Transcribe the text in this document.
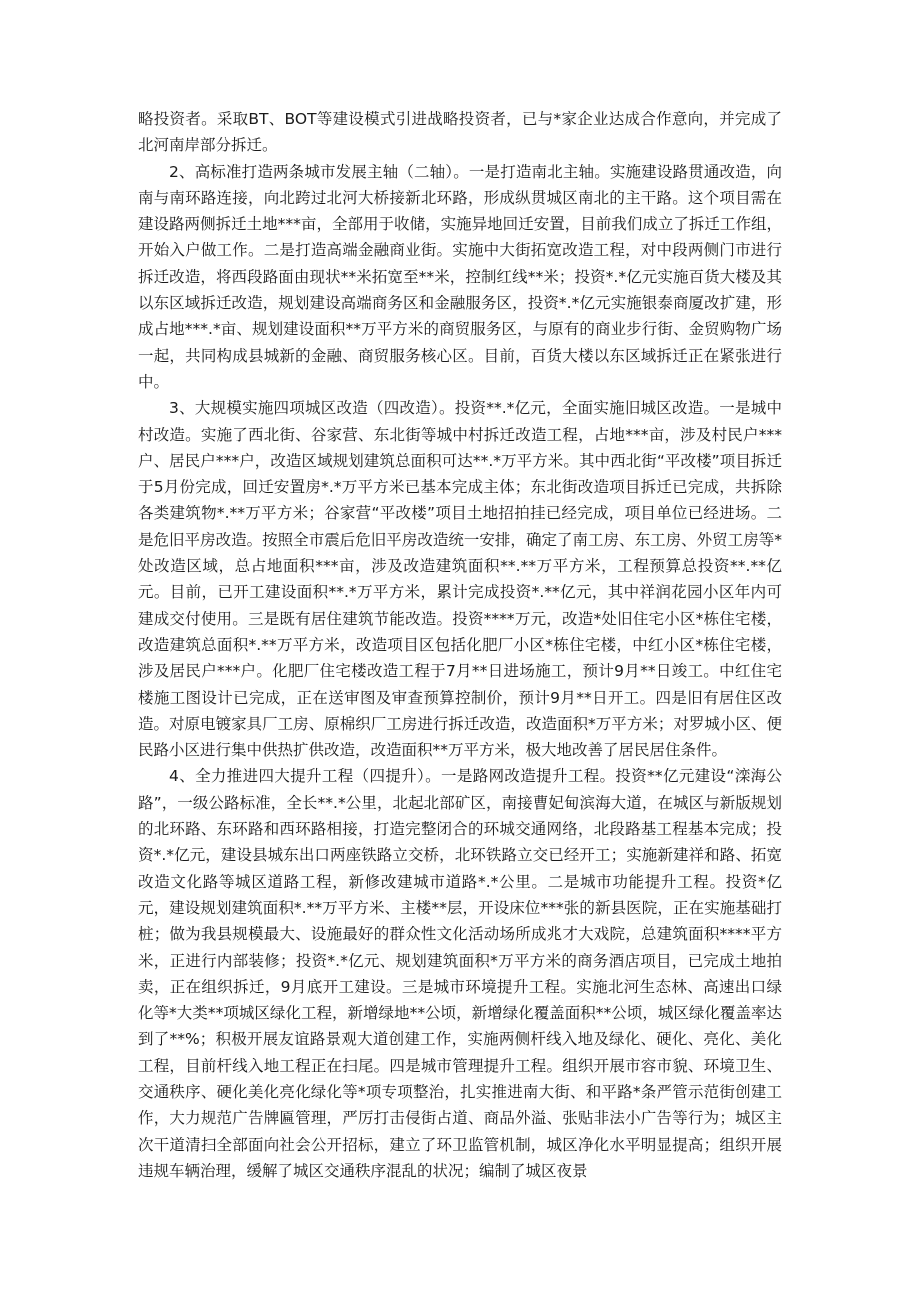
略投资者。采取BT、BOT等建设模式引进战略投资者，已与*家企业达成合作意向，并完成了北河南岸部分拆迁。

2、高标准打造两条城市发展主轴（二轴）。一是打造南北主轴。实施建设路贯通改造，向南与南环路连接，向北跨过北河大桥接新北环路，形成纵贯城区南北的主干路。这个项目需在建设路两侧拆迁土地***亩，全部用于收储，实施异地回迁安置，目前我们成立了拆迁工作组，开始入户做工作。二是打造高端金融商业街。实施中大街拓宽改造工程，对中段两侧门市进行拆迁改造，将西段路面由现状**米拓宽至**米，控制红线**米；投资*.*亿元实施百货大楼及其以东区域拆迁改造，规划建设高端商务区和金融服务区，投资*.*亿元实施银泰商厦改扩建，形成占地***.*亩、规划建设面积**万平方米的商贸服务区，与原有的商业步行街、金贸购物广场一起，共同构成县城新的金融、商贸服务核心区。目前，百货大楼以东区域拆迁正在紧张进行中。

3、大规模实施四项城区改造（四改造）。投资**.*亿元，全面实施旧城区改造。一是城中村改造。实施了西北街、谷家营、东北街等城中村拆迁改造工程，占地***亩，涉及村民户***户、居民户***户，改造区域规划建筑总面积可达**.*万平方米。其中西北街“平改楼”项目拆迁于5月份完成，回迁安置房*.*万平方米已基本完成主体；东北街改造项目拆迁已完成，共拆除各类建筑物*.**万平方米；谷家营“平改楼”项目土地招拍挂已经完成，项目单位已经进场。二是危旧平房改造。按照全市震后危旧平房改造统一安排，确定了南工房、东工房、外贸工房等*处改造区域，总占地面积***亩，涉及改造建筑面积**.**万平方米，工程预算总投资**.**亿元。目前，已开工建设面积**.*万平方米，累计完成投资*.**亿元，其中祥润花园小区年内可建成交付使用。三是既有居住建筑节能改造。投资****万元，改造*处旧住宅小区*栋住宅楼，改造建筑总面积*.**万平方米，改造项目区包括化肥厂小区*栋住宅楼，中红小区*栋住宅楼，涉及居民户***户。化肥厂住宅楼改造工程于7月**日进场施工，预计9月**日竣工。中红住宅楼施工图设计已完成，正在送审图及审查预算控制价，预计9月**日开工。四是旧有居住区改造。对原电镀家具厂工房、原棉织厂工房进行拆迁改造，改造面积*万平方米；对罗城小区、便民路小区进行集中供热扩供改造，改造面积**万平方米，极大地改善了居民居住条件。

4、全力推进四大提升工程（四提升）。一是路网改造提升工程。投资**亿元建设“滦海公路”，一级公路标准，全长**.*公里，北起北部矿区，南接曹妃甸滨海大道，在城区与新版规划的北环路、东环路和西环路相接，打造完整闭合的环城交通网络，北段路基工程基本完成；投资*.*亿元，建设县城东出口两座铁路立交桥，北环铁路立交已经开工；实施新建祥和路、拓宽改造文化路等城区道路工程，新修改建城市道路*.*公里。二是城市功能提升工程。投资*亿元，建设规划建筑面积*.**万平方米、主楼**层，开设床位***张的新县医院，正在实施基础打桩；做为我县规模最大、设施最好的群众性文化活动场所成兆才大戏院，总建筑面积****平方米，正进行内部装修；投资*.*亿元、规划建筑面积*万平方米的商务酒店项目，已完成土地拍卖，正在组织拆迁，9月底开工建设。三是城市环境提升工程。实施北河生态林、高速出口绿化等*大类**项城区绿化工程，新增绿地**公顷，新增绿化覆盖面积**公顷，城区绿化覆盖率达到了**%；积极开展友谊路景观大道创建工作，实施两侧杆线入地及绿化、硬化、亮化、美化工程，目前杆线入地工程正在扫尾。四是城市管理提升工程。组织开展市容市貌、环境卫生、交通秩序、硬化美化亮化绿化等*项专项整治，扎实推进南大街、和平路*条严管示范街创建工作，大力规范广告牌匾管理，严厉打击侵街占道、商品外溢、张贴非法小广告等行为；城区主次干道清扫全部面向社会公开招标，建立了环卫监管机制，城区净化水平明显提高；组织开展违规车辆治理，缓解了城区交通秩序混乱的状况；编制了城区夜景
